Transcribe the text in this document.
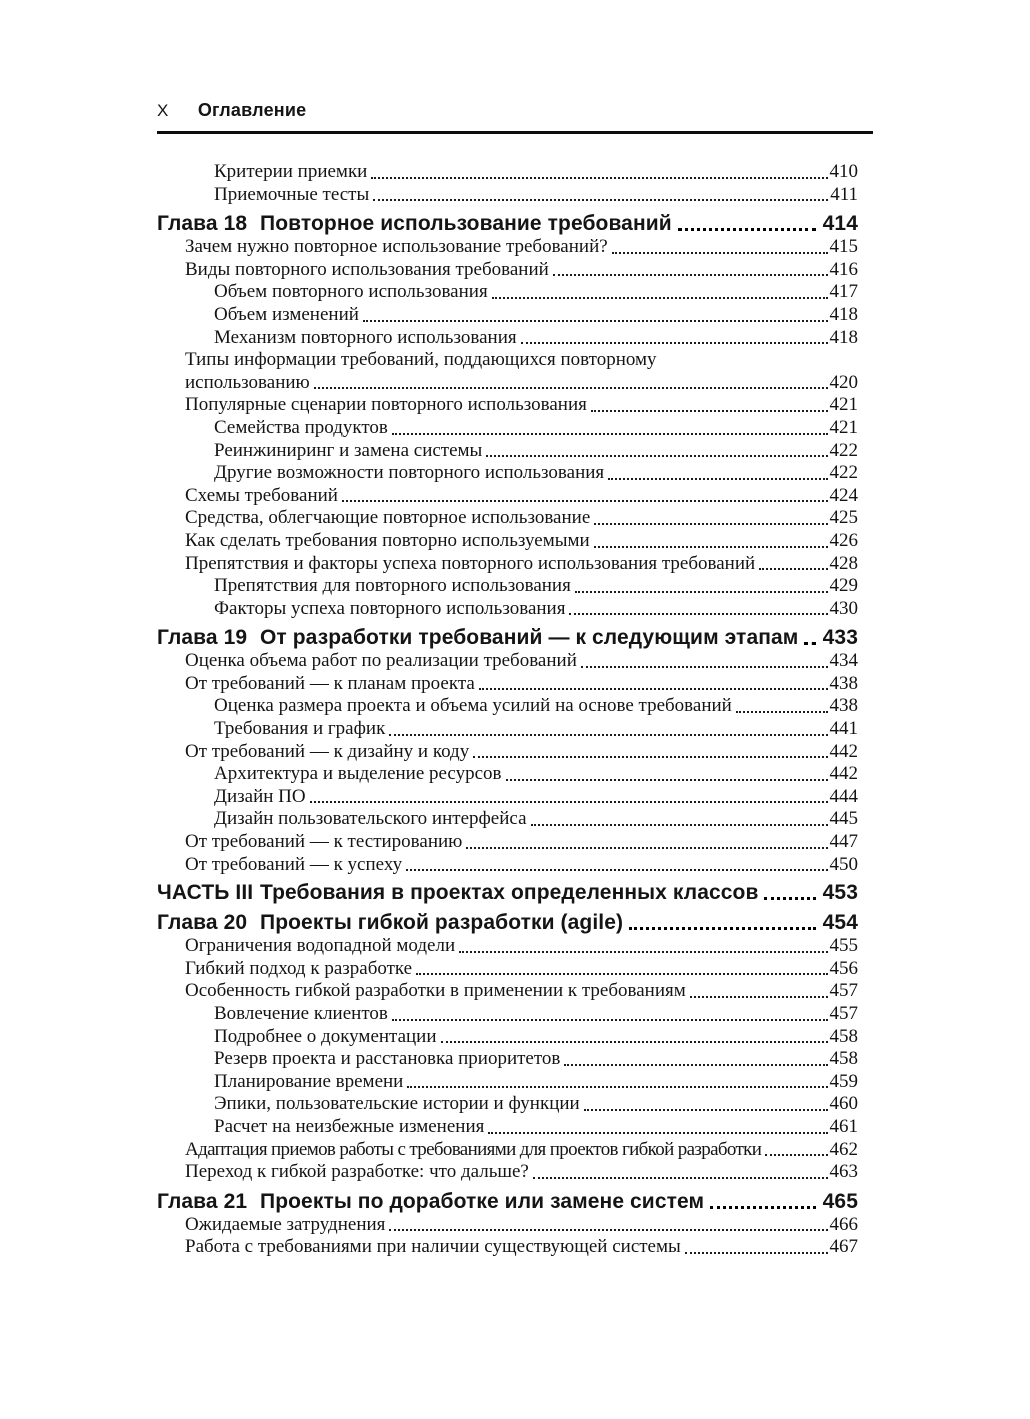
X Оглавление
Критерии приемки	410
Приемочные тесты	411
Глава 18 Повторное использование требований	414
Зачем нужно повторное использование требований?	415
Виды повторного использования требований	416
Объем повторного использования	417
Объем изменений	418
Механизм повторного использования	418
Типы информации требований, поддающихся повторному
использованию	420
Популярные сценарии повторного использования	421
Семейства продуктов	421
Реинжиниринг и замена системы	422
Другие возможности повторного использования	422
Схемы требований	424
Средства, облегчающие повторное использование	425
Как сделать требования повторно используемыми	426
Препятствия и факторы успеха повторного использования требований	428
Препятствия для повторного использования	429
Факторы успеха повторного использования	430
Глава 19 От разработки требований — к следующим этапам 433
Оценка объема работ по реализации требований	434
От требований — к планам проекта	438
Оценка размера проекта и объема усилий на основе требований	438
Требования и график	441
От требований — к дизайну и коду	442
Архитектура и выделение ресурсов	442
Дизайн ПО	444
Дизайн пользовательского интерфейса	445
От требований — к тестированию	447
От требований — к успеху	450
ЧАСТЬ III Требования в проектах определенных классов	453
Глава 20 Проекты гибкой разработки (agile)	454
Ограничения водопадной модели	455
Гибкий подход к разработке	456
Особенность гибкой разработки в применении к требованиям	457
Вовлечение клиентов	457
Подробнее о документации	458
Резерв проекта и расстановка приоритетов	458
Планирование времени	459
Эпики, пользовательские истории и функции	460
Расчет на неизбежные изменения	461
Адаптация приемов работы с требованиями для проектов гибкой разработки	462
Переход к гибкой разработке: что дальше?	463
Глава 21 Проекты по доработке или замене систем	465
Ожидаемые затруднения	466
Работа с требованиями при наличии существующей системы	467
